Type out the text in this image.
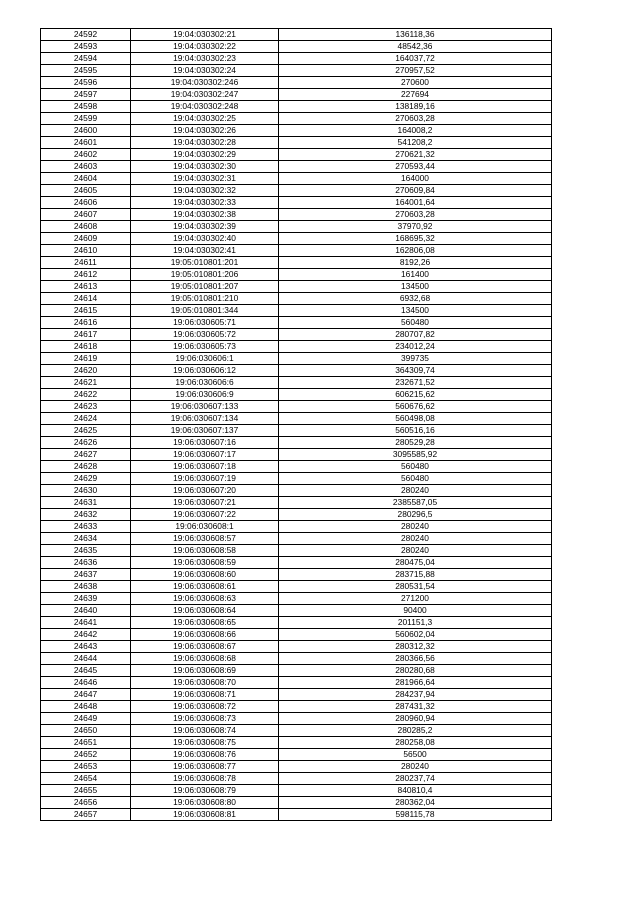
24592	19:04:030302:21	136118,36
24593	19:04:030302:22	48542,36
24594	19:04:030302:23	164037,72
24595	19:04:030302:24	270957,52
24596	19:04:030302:246	270600
24597	19:04:030302:247	227694
24598	19:04:030302:248	138189,16
24599	19:04:030302:25	270603,28
24600	19:04:030302:26	164008,2
24601	19:04:030302:28	541208,2
24602	19:04:030302:29	270621,32
24603	19:04:030302:30	270593,44
24604	19:04:030302:31	164000
24605	19:04:030302:32	270609,84
24606	19:04:030302:33	164001,64
24607	19:04:030302:38	270603,28
24608	19:04:030302:39	37970,92
24609	19:04:030302:40	168695,32
24610	19:04:030302:41	162806,08
24611	19:05:010801:201	8192,26
24612	19:05:010801:206	161400
24613	19:05:010801:207	134500
24614	19:05:010801:210	6932,68
24615	19:05:010801:344	134500
24616	19:06:030605:71	560480
24617	19:06:030605:72	280707,82
24618	19:06:030605:73	234012,24
24619	19:06:030606:1	399735
24620	19:06:030606:12	364309,74
24621	19:06:030606:6	232671,52
24622	19:06:030606:9	606215,62
24623	19:06:030607:133	560676,62
24624	19:06:030607:134	560498,08
24625	19:06:030607:137	560516,16
24626	19:06:030607:16	280529,28
24627	19:06:030607:17	3095585,92
24628	19:06:030607:18	560480
24629	19:06:030607:19	560480
24630	19:06:030607:20	280240
24631	19:06:030607:21	2385587,05
24632	19:06:030607:22	280296,5
24633	19:06:030608:1	280240
24634	19:06:030608:57	280240
24635	19:06:030608:58	280240
24636	19:06:030608:59	280475,04
24637	19:06:030608:60	283715,88
24638	19:06:030608:61	280531,54
24639	19:06:030608:63	271200
24640	19:06:030608:64	90400
24641	19:06:030608:65	201151,3
24642	19:06:030608:66	560602,04
24643	19:06:030608:67	280312,32
24644	19:06:030608:68	280366,56
24645	19:06:030608:69	280280,68
24646	19:06:030608:70	281966,64
24647	19:06:030608:71	284237,94
24648	19:06:030608:72	287431,32
24649	19:06:030608:73	280960,94
24650	19:06:030608:74	280285,2
24651	19:06:030608:75	280258,08
24652	19:06:030608:76	56500
24653	19:06:030608:77	280240
24654	19:06:030608:78	280237,74
24655	19:06:030608:79	840810,4
24656	19:06:030608:80	280362,04
24657	19:06:030608:81	598115,78
